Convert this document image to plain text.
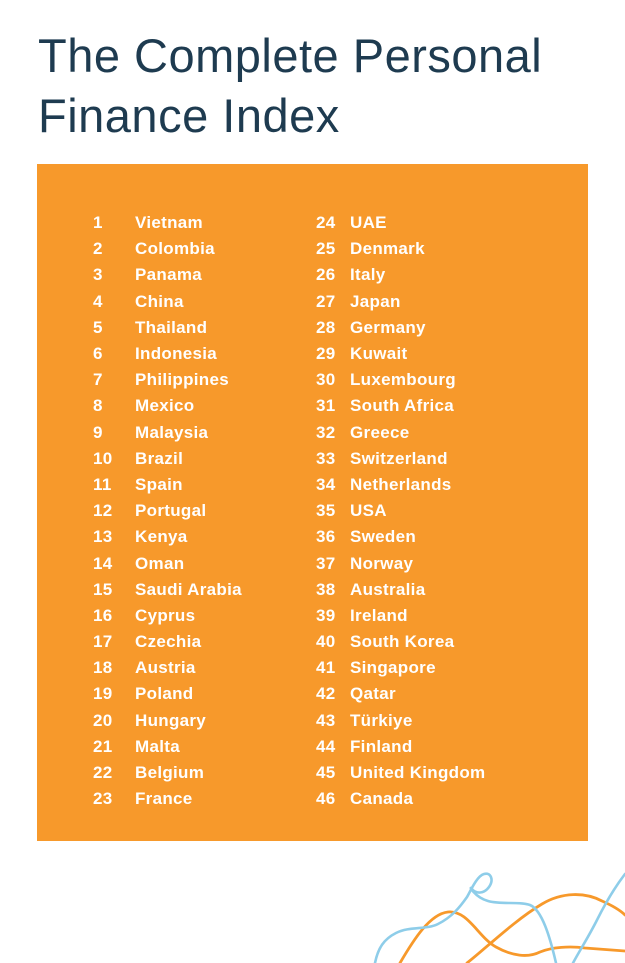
The Complete Personal
Finance Index
1	Vietnam
2	Colombia
3	Panama
4	China
5	Thailand
6	Indonesia
7	Philippines
8	Mexico
9	Malaysia
10	Brazil
11	Spain
12	Portugal
13	Kenya
14	Oman
15	Saudi Arabia
16	Cyprus
17	Czechia
18	Austria
19	Poland
20	Hungary
21	Malta
22	Belgium
23	France
24 UAE
25 Denmark
26 Italy
27 Japan
28 Germany
29 Kuwait
30 Luxembourg
31 South Africa
32 Greece
33 Switzerland
34 Netherlands
35 USA
36 Sweden
37 Norway
38 Australia
39 Ireland
40 South Korea
41 Singapore
42 Qatar
43 Türkiye
44 Finland
45 United Kingdom
46 Canada
